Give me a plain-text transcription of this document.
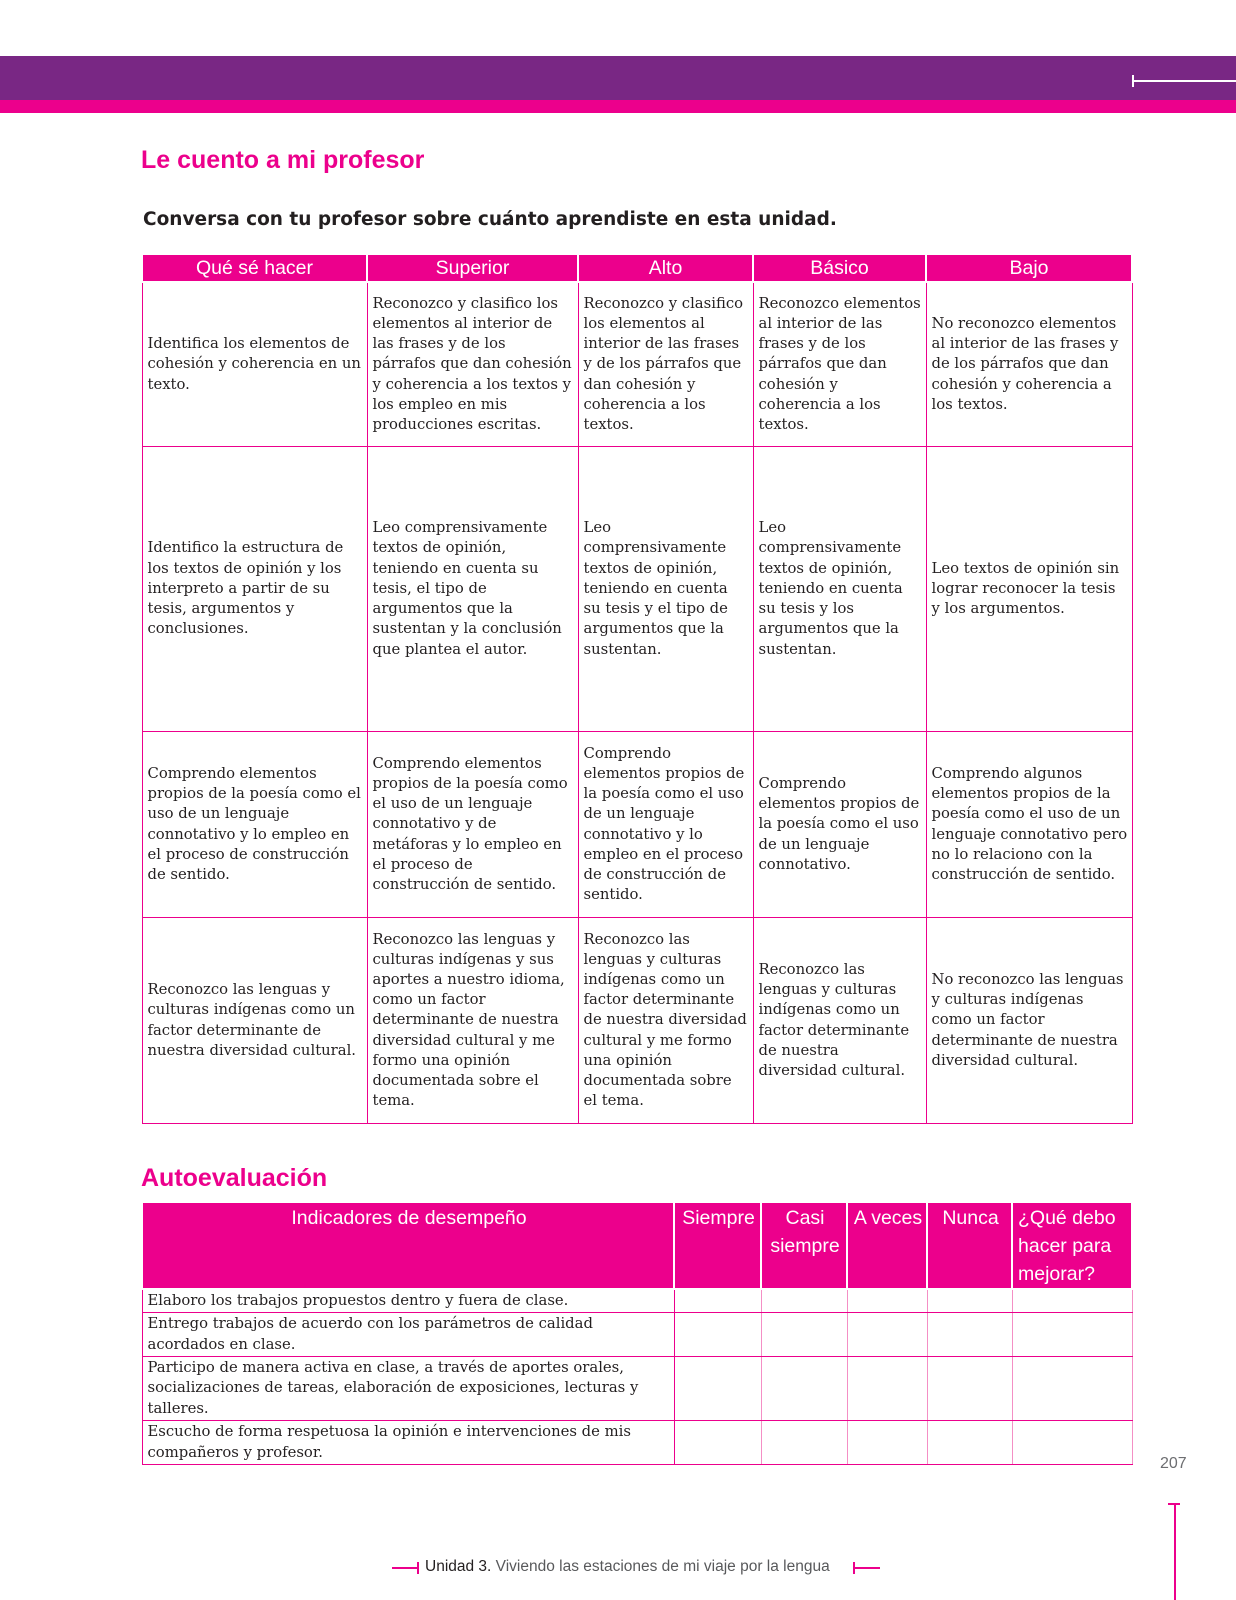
Le cuento a mi profesor

Conversa con tu profesor sobre cuánto aprendiste en esta unidad.

Qué sé hacer	Superior	Alto	Básico	Bajo
Identifica los elementos de cohesión y coherencia en un texto.	Reconozco y clasifico los elementos al interior de las frases y de los párrafos que dan cohesión y coherencia a los textos y los empleo en mis producciones escritas.	Reconozco y clasifico los elementos al interior de las frases y de los párrafos que dan cohesión y coherencia a los textos.	Reconozco elementos al interior de las frases y de los párrafos que dan cohesión y coherencia a los textos.	No reconozco elementos al interior de las frases y de los párrafos que dan cohesión y coherencia a los textos.
Identifico la estructura de los textos de opinión y los interpreto a partir de su tesis, argumentos y conclusiones.	Leo comprensivamente textos de opinión, teniendo en cuenta su tesis, el tipo de argumentos que la sustentan y la conclusión que plantea el autor.	Leo comprensivamente textos de opinión, teniendo en cuenta su tesis y el tipo de argumentos que la sustentan.	Leo comprensivamente textos de opinión, teniendo en cuenta su tesis y los argumentos que la sustentan.	Leo textos de opinión sin lograr reconocer la tesis y los argumentos.
Comprendo elementos propios de la poesía como el uso de un lenguaje connotativo y lo empleo en el proceso de construcción de sentido.	Comprendo elementos propios de la poesía como el uso de un lenguaje connotativo y de metáforas y lo empleo en el proceso de construcción de sentido.	Comprendo elementos propios de la poesía como el uso de un lenguaje connotativo y lo empleo en el proceso de construcción de sentido.	Comprendo elementos propios de la poesía como el uso de un lenguaje connotativo.	Comprendo algunos elementos propios de la poesía como el uso de un lenguaje connotativo pero no lo relaciono con la construcción de sentido.
Reconozco las lenguas y culturas indígenas como un factor determinante de nuestra diversidad cultural.	Reconozco las lenguas y culturas indígenas y sus aportes a nuestro idioma, como un factor determinante de nuestra diversidad cultural y me formo una opinión documentada sobre el tema.	Reconozco las lenguas y culturas indígenas como un factor determinante de nuestra diversidad cultural y me formo una opinión documentada sobre el tema.	Reconozco las lenguas y culturas indígenas como un factor determinante de nuestra diversidad cultural.	No reconozco las lenguas y culturas indígenas como un factor determinante de nuestra diversidad cultural.
Autoevaluación
Indicadores de desempeño	Siempre	Casi siempre	A veces	Nunca	¿Qué debo hacer para mejorar?
Elaboro los trabajos propuestos dentro y fuera de clase.					
Entrego trabajos de acuerdo con los parámetros de calidad acordados en clase.					
Participo de manera activa en clase, a través de aportes orales, socializaciones de tareas, elaboración de exposiciones, lecturas y talleres.					
Escucho de forma respetuosa la opinión e intervenciones de mis compañeros y profesor.					
207
Unidad 3. Viviendo las estaciones de mi viaje por la lengua
